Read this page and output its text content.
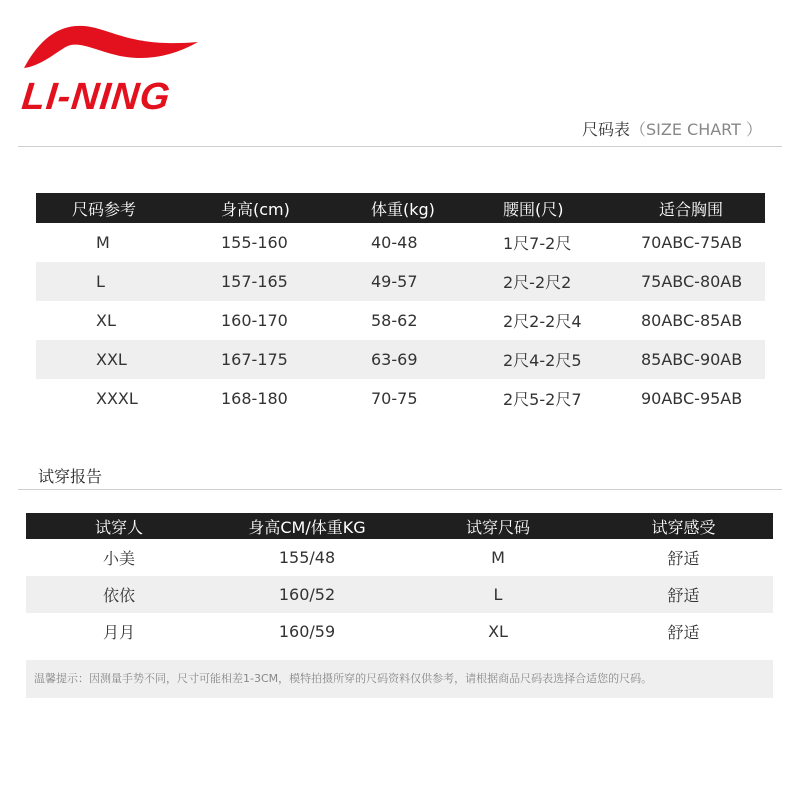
LI-NING
尺码表（SIZE CHART ）
尺码参考	身高(cm)	体重(kg)	腰围(尺)	适合胸围
M	155-160	40-48	1尺7-2尺	70ABC-75AB
L	157-165	49-57	2尺-2尺2	75ABC-80AB
XL	160-170	58-62	2尺2-2尺4	80ABC-85AB
XXL	167-175	63-69	2尺4-2尺5	85ABC-90AB
XXXL	168-180	70-75	2尺5-2尺7	90ABC-95AB
试穿报告
试穿人	身高CM/体重KG	试穿尺码	试穿感受
小美	155/48	M	舒适
依依	160/52	L	舒适
月月	160/59	XL	舒适
温馨提示：因测量手势不同，尺寸可能相差1-3CM，模特拍摄所穿的尺码资料仅供参考，请根据商品尺码表选择合适您的尺码。
